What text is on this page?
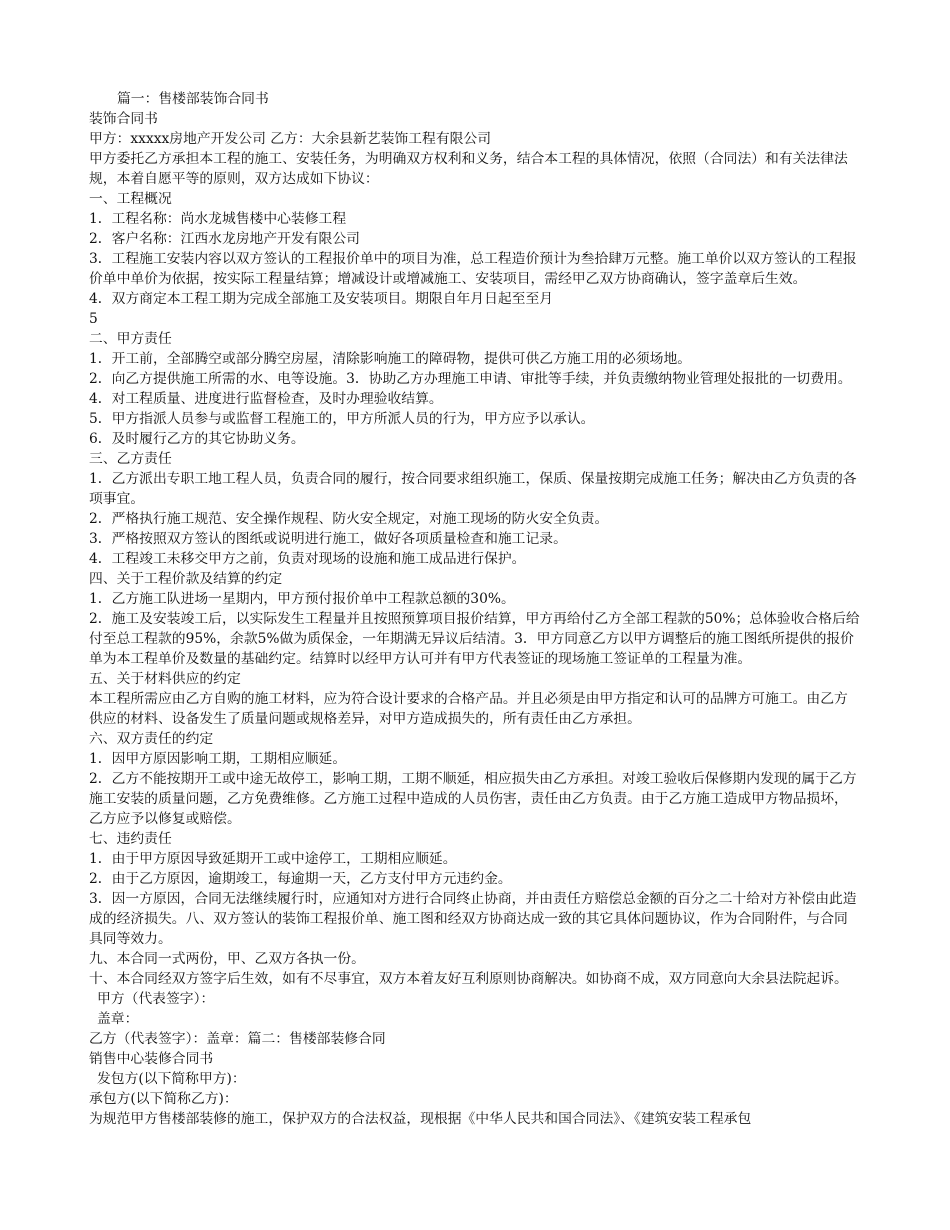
篇一：售楼部装饰合同书

装饰合同书

甲方：xxxxx房地产开发公司 乙方：大余县新艺装饰工程有限公司

甲方委托乙方承担本工程的施工、安装任务，为明确双方权利和义务，结合本工程的具体情况，依照（合同法）和有关法律法规，本着自愿平等的原则，双方达成如下协议：

一、工程概况

1．工程名称：尚水龙城售楼中心装修工程

2．客户名称：江西水龙房地产开发有限公司

3．工程施工安装内容以双方签认的工程报价单中的项目为准，总工程造价预计为叁拾肆万元整。施工单价以双方签认的工程报价单中单价为依据，按实际工程量结算；增减设计或增减施工、安装项目，需经甲乙双方协商确认，签字盖章后生效。

4．双方商定本工程工期为完成全部施工及安装项目。期限自年月日起至至月

5

二、甲方责任

1．开工前，全部腾空或部分腾空房屋，清除影响施工的障碍物，提供可供乙方施工用的必须场地。

2．向乙方提供施工所需的水、电等设施。3．协助乙方办理施工申请、审批等手续，并负责缴纳物业管理处报批的一切费用。

4．对工程质量、进度进行监督检查，及时办理验收结算。

5．甲方指派人员参与或监督工程施工的，甲方所派人员的行为，甲方应予以承认。

6．及时履行乙方的其它协助义务。

三、乙方责任

1．乙方派出专职工地工程人员，负责合同的履行，按合同要求组织施工，保质、保量按期完成施工任务；解决由乙方负责的各项事宜。

2．严格执行施工规范、安全操作规程、防火安全规定，对施工现场的防火安全负责。

3．严格按照双方签认的图纸或说明进行施工，做好各项质量检查和施工记录。

4．工程竣工未移交甲方之前，负责对现场的设施和施工成品进行保护。

四、关于工程价款及结算的约定

1．乙方施工队进场一星期内，甲方预付报价单中工程款总额的30%。

2．施工及安装竣工后，以实际发生工程量并且按照预算项目报价结算，甲方再给付乙方全部工程款的50%；总体验收合格后给付至总工程款的95%，余款5%做为质保金，一年期满无异议后结清。3．甲方同意乙方以甲方调整后的施工图纸所提供的报价单为本工程单价及数量的基础约定。结算时以经甲方认可并有甲方代表签证的现场施工签证单的工程量为准。

五、关于材料供应的约定

本工程所需应由乙方自购的施工材料，应为符合设计要求的合格产品。并且必须是由甲方指定和认可的品牌方可施工。由乙方供应的材料、设备发生了质量问题或规格差异，对甲方造成损失的，所有责任由乙方承担。

六、双方责任的约定

1．因甲方原因影响工期，工期相应顺延。

2．乙方不能按期开工或中途无故停工，影响工期，工期不顺延，相应损失由乙方承担。对竣工验收后保修期内发现的属于乙方施工安装的质量问题，乙方免费维修。乙方施工过程中造成的人员伤害，责任由乙方负责。由于乙方施工造成甲方物品损坏，乙方应予以修复或赔偿。

七、违约责任

1．由于甲方原因导致延期开工或中途停工，工期相应顺延。

2．由于乙方原因，逾期竣工，每逾期一天，乙方支付甲方元违约金。

3．因一方原因，合同无法继续履行时，应通知对方进行合同终止协商，并由责任方赔偿总金额的百分之二十给对方补偿由此造成的经济损失。八、双方签认的装饰工程报价单、施工图和经双方协商达成一致的其它具体问题协议，作为合同附件，与合同具同等效力。

九、本合同一式两份，甲、乙双方各执一份。

十、本合同经双方签字后生效，如有不尽事宜，双方本着友好互利原则协商解决。如协商不成，双方同意向大余县法院起诉。

甲方（代表签字）：

盖章：

乙方（代表签字）：盖章：篇二：售楼部装修合同

销售中心装修合同书

发包方(以下简称甲方)：

承包方(以下简称乙方)：

为规范甲方售楼部装修的施工，保护双方的合法权益，现根据《中华人民共和国合同法》、《建筑安装工程承包
